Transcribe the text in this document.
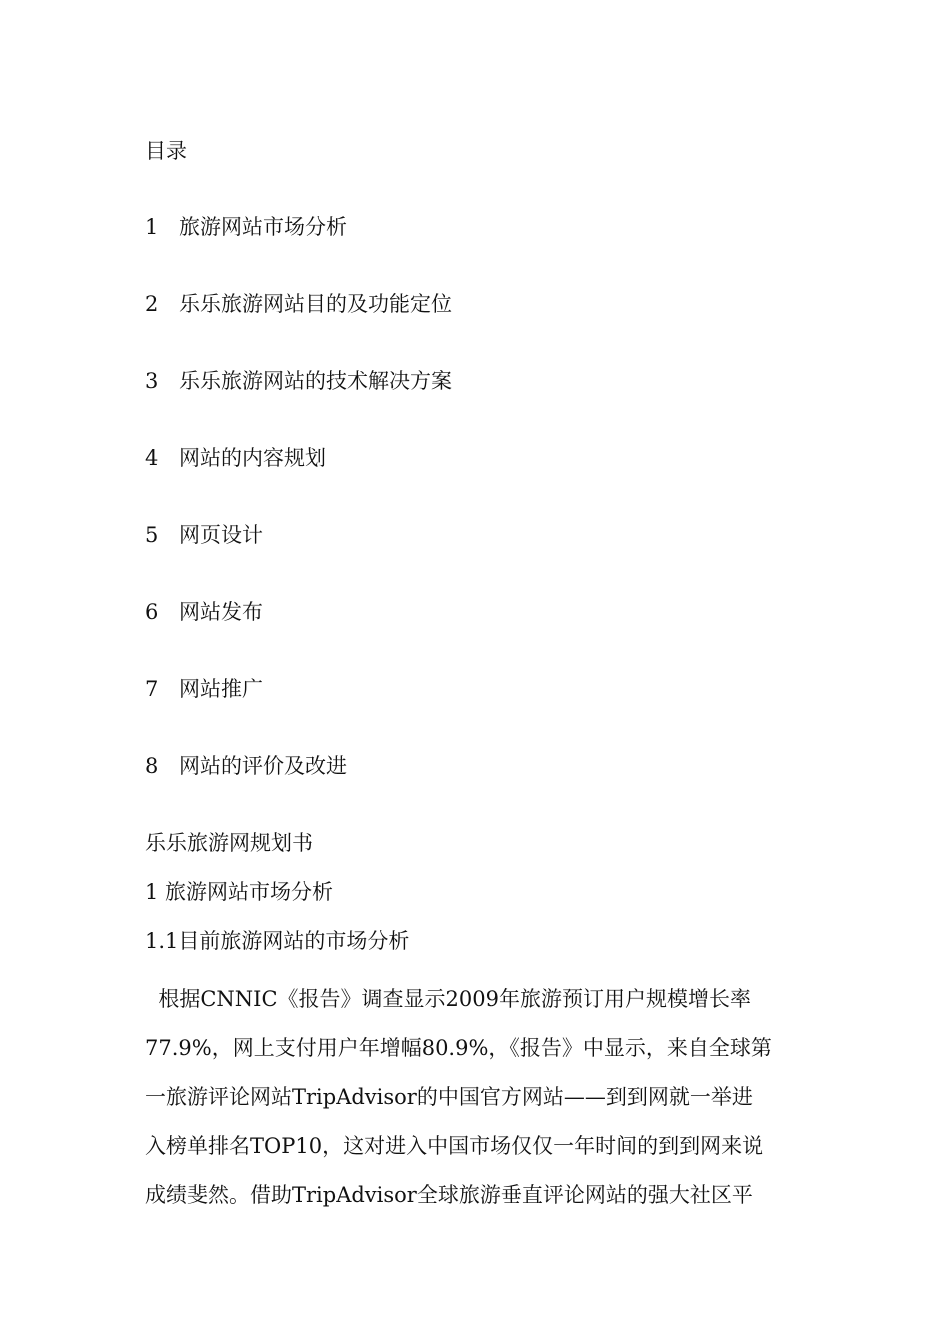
目录
1 旅游网站市场分析
2 乐乐旅游网站目的及功能定位
3 乐乐旅游网站的技术解决方案
4 网站的内容规划
5 网页设计
6 网站发布
7 网站推广
8 网站的评价及改进
乐乐旅游网规划书
1 旅游网站市场分析
1.1目前旅游网站的市场分析
根据CNNIC《报告》调查显示2009年旅游预订用户规模增长率
77.9%，网上支付用户年增幅80.9%，《报告》中显示，来自全球第
一旅游评论网站TripAdvisor的中国官方网站——到到网就一举进
入榜单排名TOP10，这对进入中国市场仅仅一年时间的到到网来说
成绩斐然。借助TripAdvisor全球旅游垂直评论网站的强大社区平
